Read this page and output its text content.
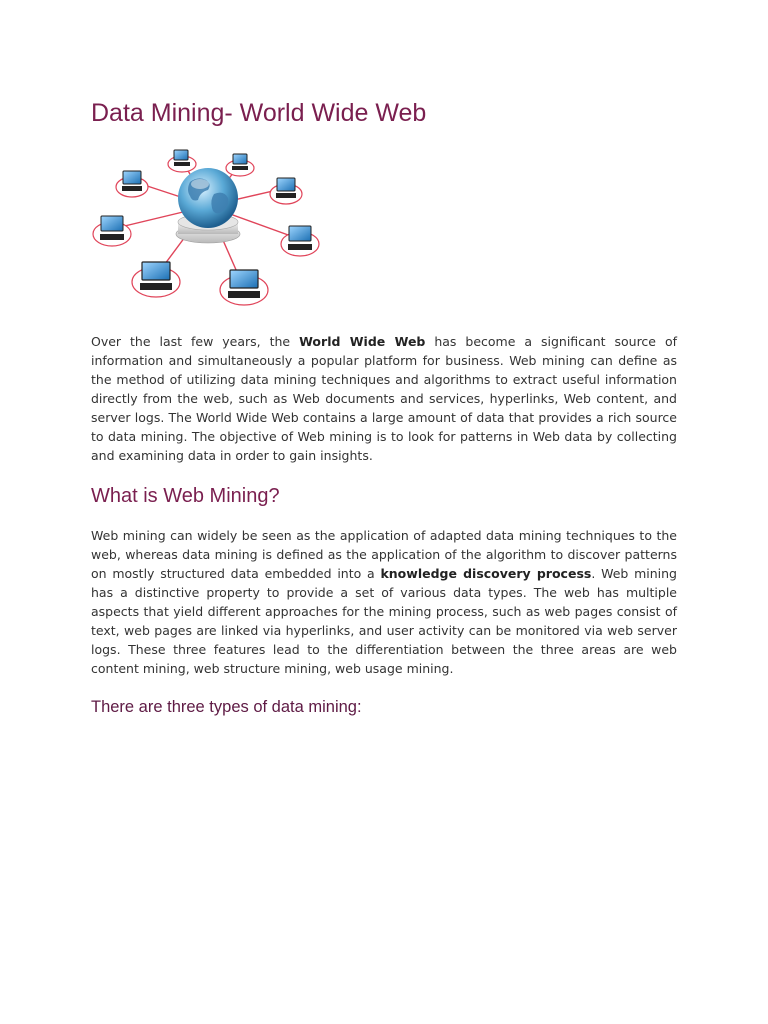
Data Mining- World Wide Web

Over the last few years, the World Wide Web has become a significant source of information and simultaneously a popular platform for business. Web mining can define as the method of utilizing data mining techniques and algorithms to extract useful information directly from the web, such as Web documents and services, hyperlinks, Web content, and server logs. The World Wide Web contains a large amount of data that provides a rich source to data mining. The objective of Web mining is to look for patterns in Web data by collecting and examining data in order to gain insights.

What is Web Mining?

Web mining can widely be seen as the application of adapted data mining techniques to the web, whereas data mining is defined as the application of the algorithm to discover patterns on mostly structured data embedded into a knowledge discovery process. Web mining has a distinctive property to provide a set of various data types. The web has multiple aspects that yield different approaches for the mining process, such as web pages consist of text, web pages are linked via hyperlinks, and user activity can be monitored via web server logs. These three features lead to the differentiation between the three areas are web content mining, web structure mining, web usage mining.

There are three types of data mining:
